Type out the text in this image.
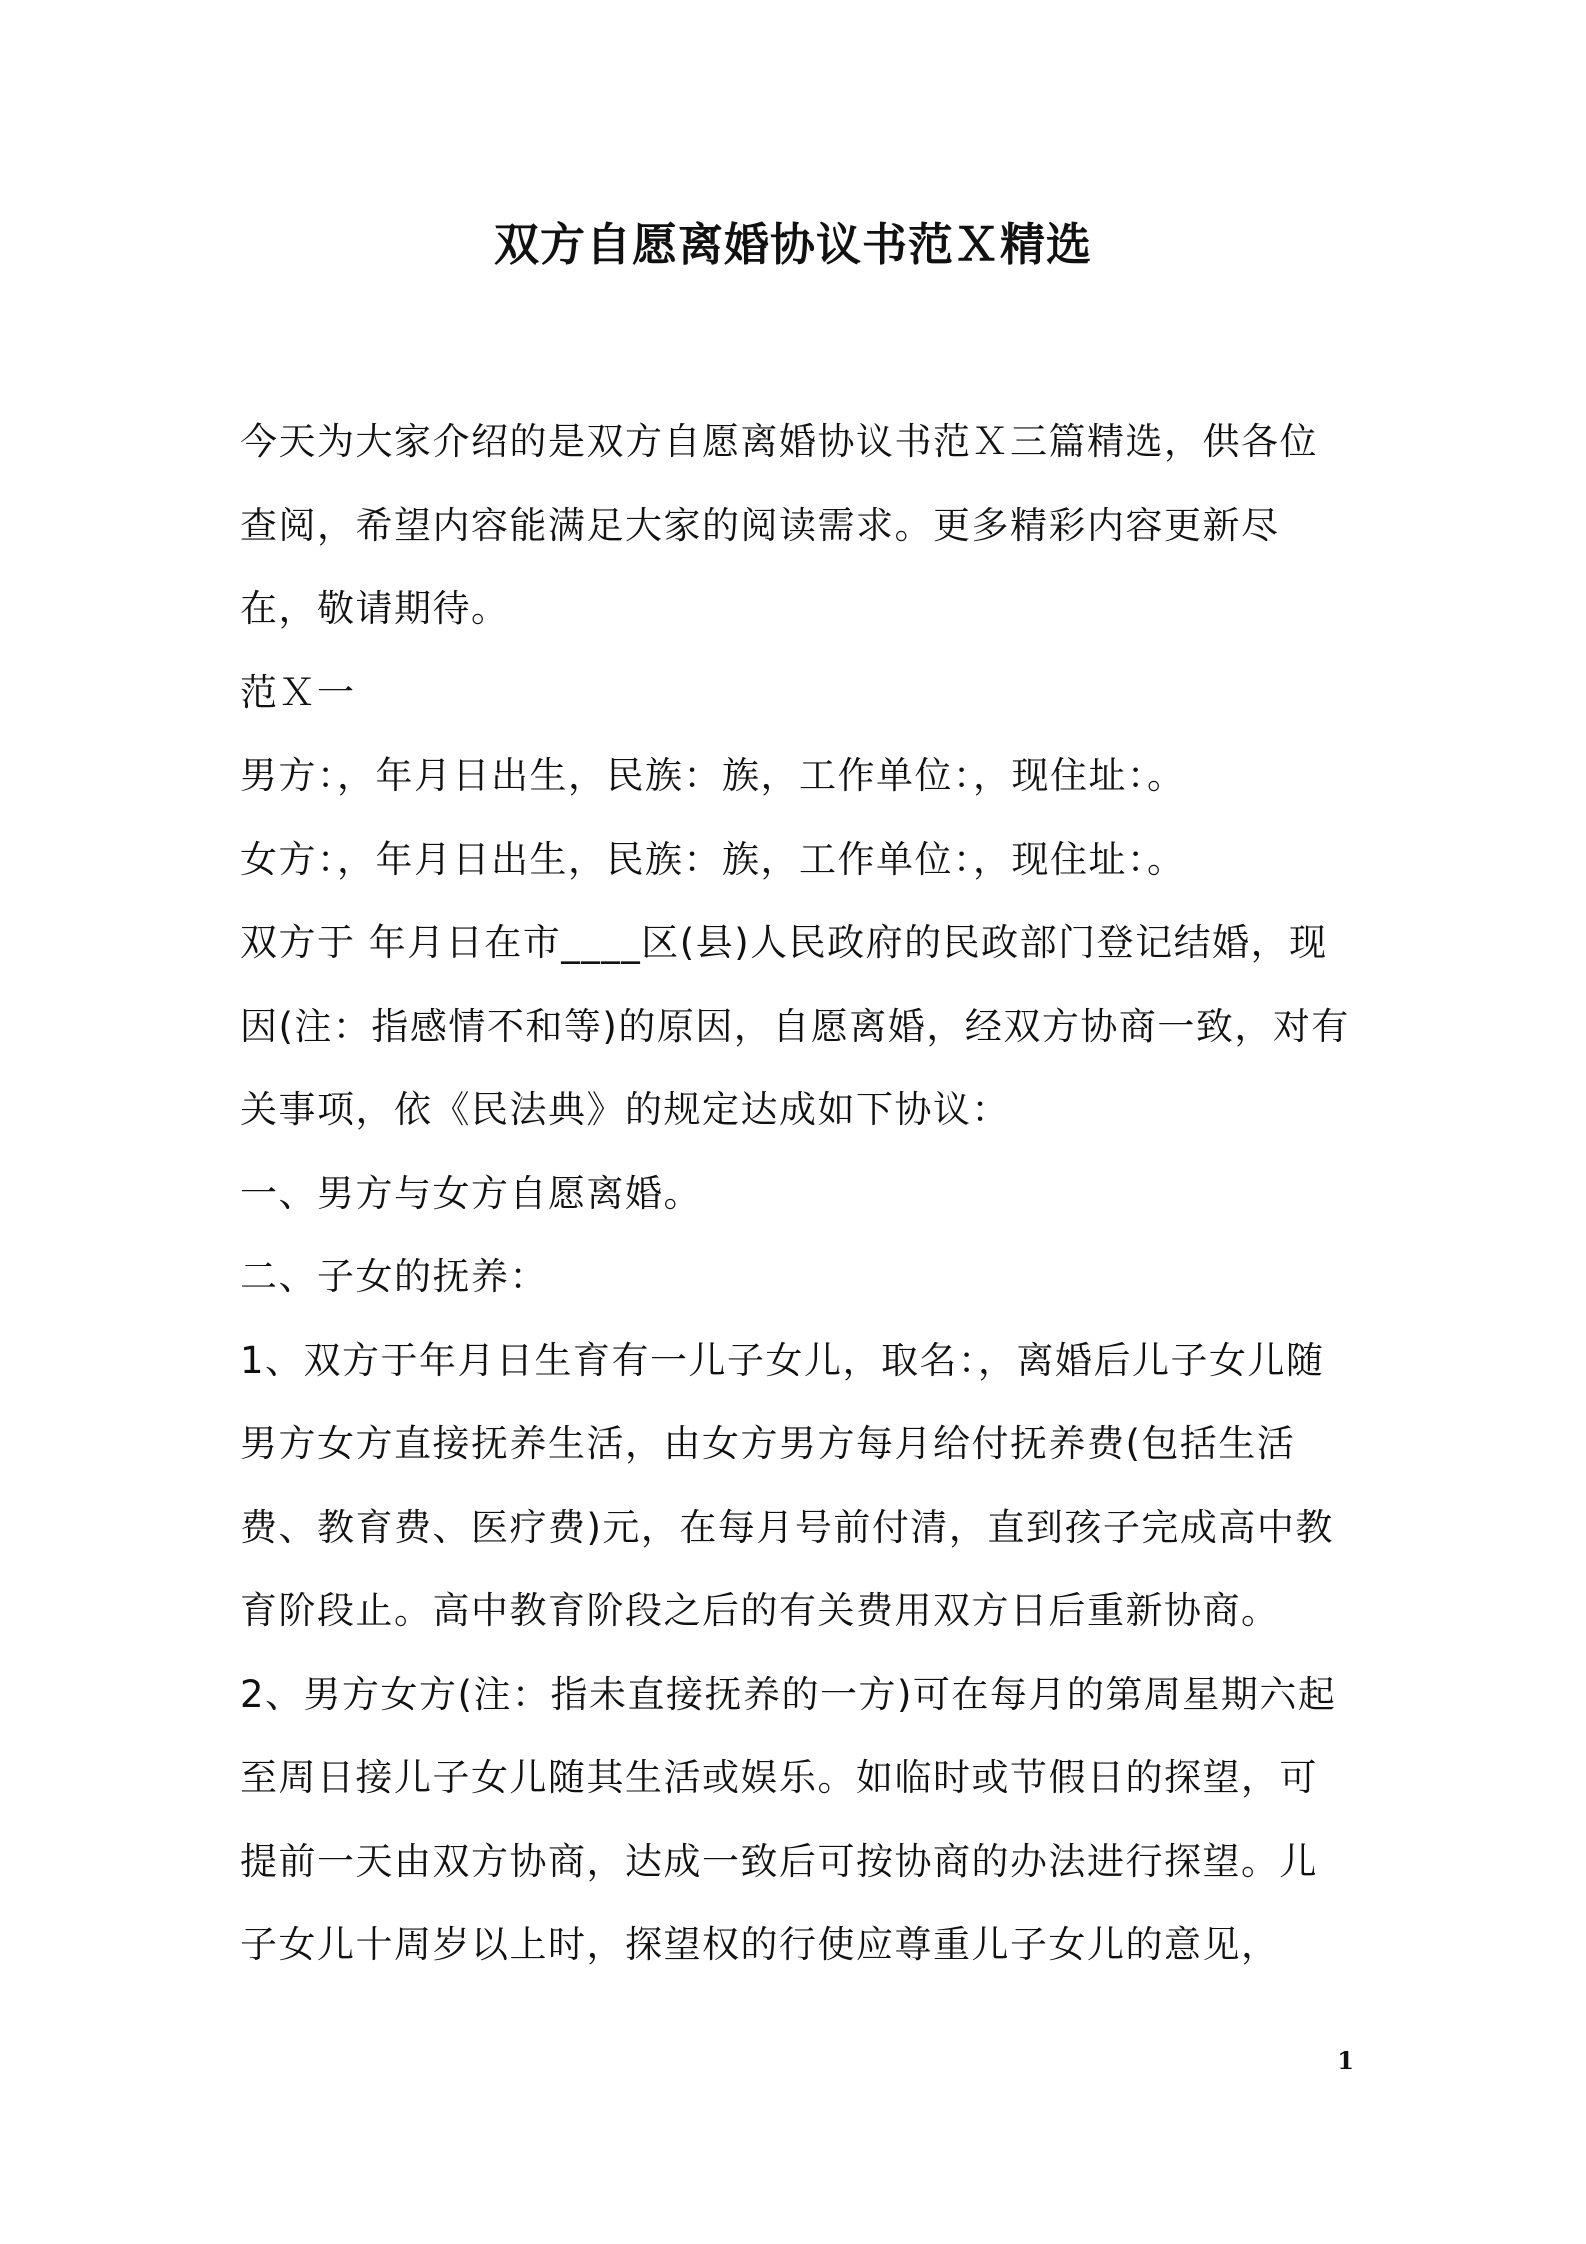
双方自愿离婚协议书范Ｘ精选

今天为大家介绍的是双方自愿离婚协议书范Ｘ三篇精选，供各位查阅，希望内容能满足大家的阅读需求。更多精彩内容更新尽在，敬请期待。

范Ｘ一

男方：，年月日出生，民族：族，工作单位：，现住址：。

女方：，年月日出生，民族：族，工作单位：，现住址：。

双方于 年月日在市____区(县)人民政府的民政部门登记结婚，现因(注：指感情不和等)的原因，自愿离婚，经双方协商一致，对有关事项，依《民法典》的规定达成如下协议：

一、男方与女方自愿离婚。

二、子女的抚养：

1、双方于年月日生育有一儿子女儿，取名：，离婚后儿子女儿随男方女方直接抚养生活，由女方男方每月给付抚养费(包括生活费、教育费、医疗费)元，在每月号前付清，直到孩子完成高中教育阶段止。高中教育阶段之后的有关费用双方日后重新协商。

2、男方女方(注：指未直接抚养的一方)可在每月的第周星期六起至周日接儿子女儿随其生活或娱乐。如临时或节假日的探望，可提前一天由双方协商，达成一致后可按协商的办法进行探望。儿子女儿十周岁以上时，探望权的行使应尊重儿子女儿的意见，

1
